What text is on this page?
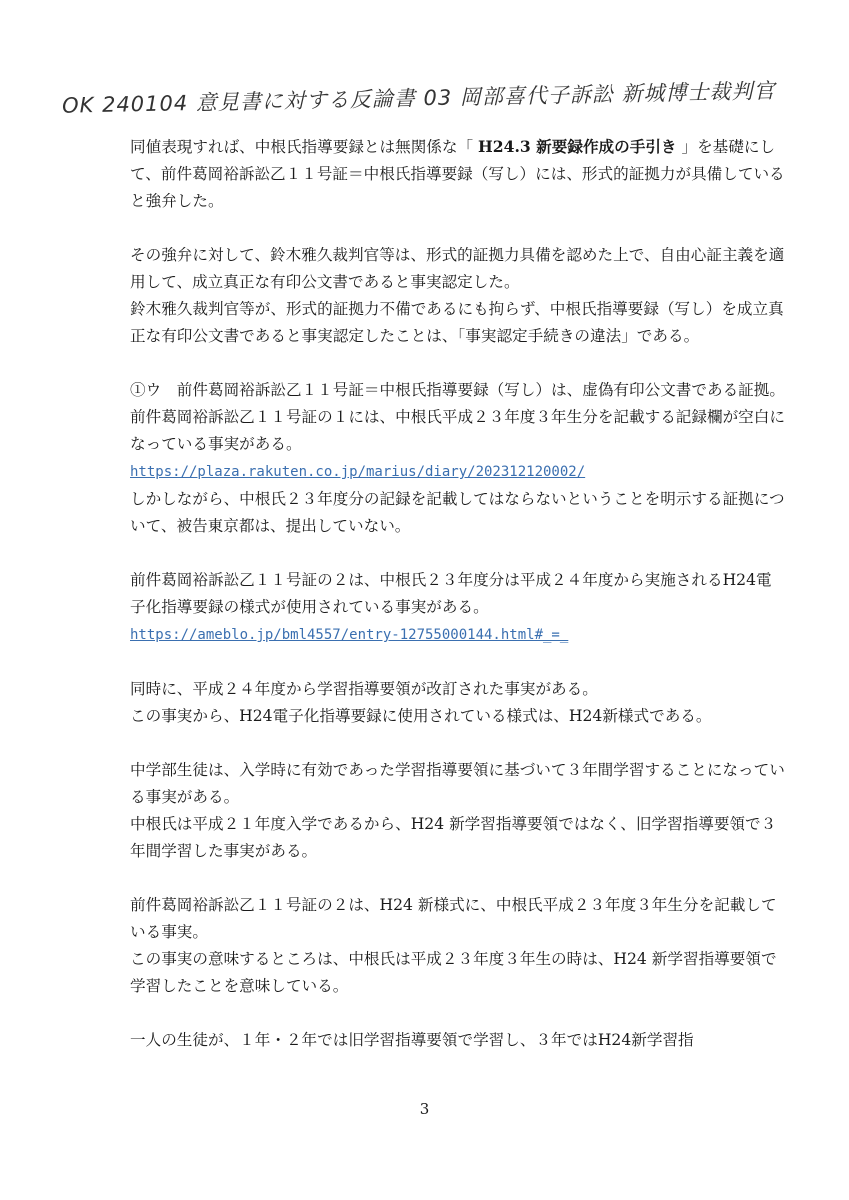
OK 240104 意見書に対する反論書 03 岡部喜代子訴訟 新城博士裁判官

同値表現すれば、中根氏指導要録とは無関係な「 H24.3 新要録作成の手引き 」を基礎にして、前件葛岡裕訴訟乙１１号証＝中根氏指導要録（写し）には、形式的証拠力が具備していると強弁した。

その強弁に対して、鈴木雅久裁判官等は、形式的証拠力具備を認めた上で、自由心証主義を適用して、成立真正な有印公文書であると事実認定した。

鈴木雅久裁判官等が、形式的証拠力不備であるにも拘らず、中根氏指導要録（写し）を成立真正な有印公文書であると事実認定したことは、「事実認定手続きの違法」である。

①ウ　前件葛岡裕訴訟乙１１号証＝中根氏指導要録（写し）は、虚偽有印公文書である証拠。

前件葛岡裕訴訟乙１１号証の１には、中根氏平成２３年度３年生分を記載する記録欄が空白になっている事実がある。

https://plaza.rakuten.co.jp/marius/diary/202312120002/

しかしながら、中根氏２３年度分の記録を記載してはならないということを明示する証拠について、被告東京都は、提出していない。

前件葛岡裕訴訟乙１１号証の２は、中根氏２３年度分は平成２４年度から実施されるH24電子化指導要録の様式が使用されている事実がある。

https://ameblo.jp/bml4557/entry-12755000144.html#_=_

同時に、平成２４年度から学習指導要領が改訂された事実がある。

この事実から、H24電子化指導要録に使用されている様式は、H24新様式である。

中学部生徒は、入学時に有効であった学習指導要領に基づいて３年間学習することになっている事実がある。

中根氏は平成２１年度入学であるから、H24 新学習指導要領ではなく、旧学習指導要領で３年間学習した事実がある。

前件葛岡裕訴訟乙１１号証の２は、H24 新様式に、中根氏平成２３年度３年生分を記載している事実。

この事実の意味するところは、中根氏は平成２３年度３年生の時は、H24 新学習指導要領で学習したことを意味している。

一人の生徒が、１年・２年では旧学習指導要領で学習し、３年ではH24新学習指

3
